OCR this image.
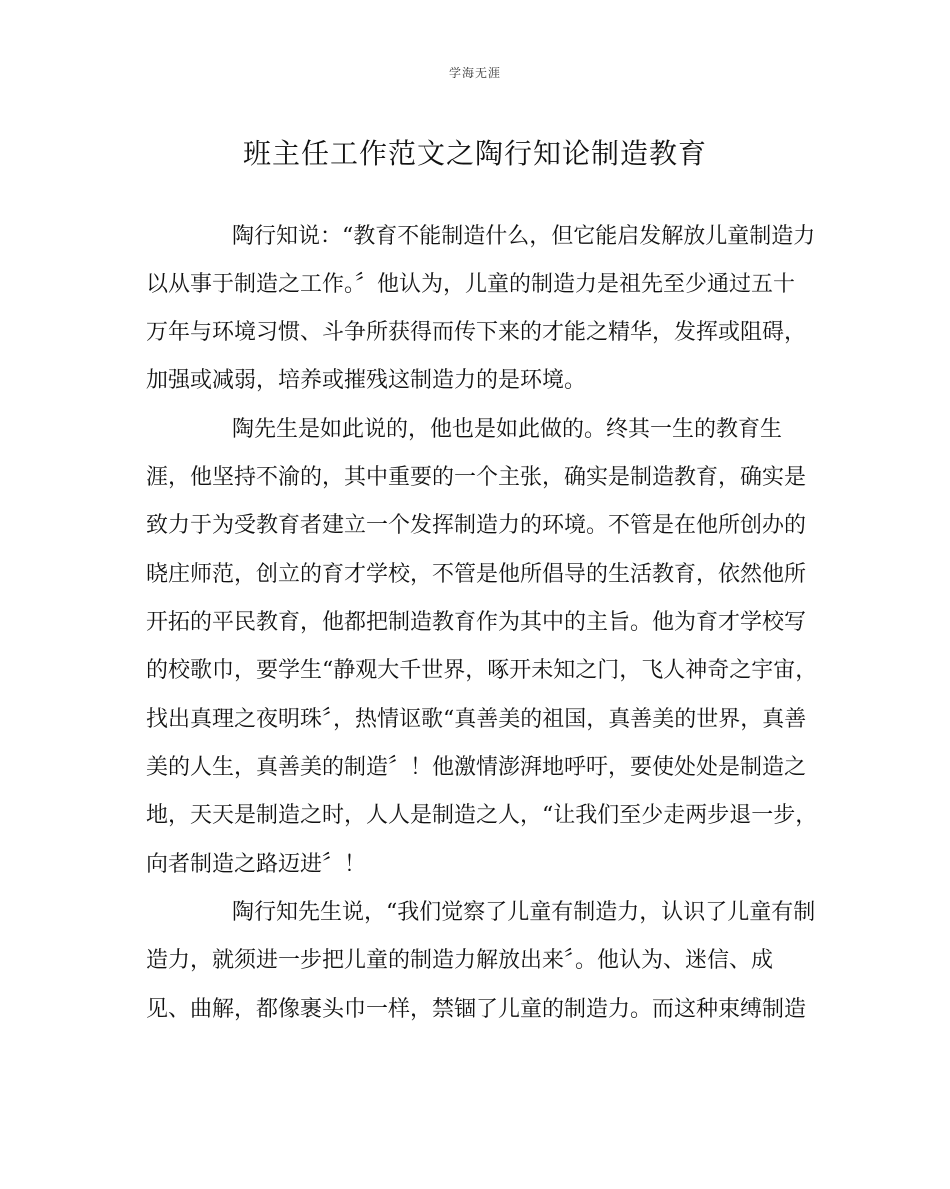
学海无涯
班主任工作范文之陶行知论制造教育
陶行知说：“教育不能制造什么，但它能启发解放儿童制造力
以从事于制造之工作。〞他认为，儿童的制造力是祖先至少通过五十
万年与环境习惯、斗争所获得而传下来的才能之精华，发挥或阻碍，
加强或减弱，培养或摧残这制造力的是环境。
陶先生是如此说的，他也是如此做的。终其一生的教育生
涯，他坚持不渝的，其中重要的一个主张，确实是制造教育，确实是
致力于为受教育者建立一个发挥制造力的环境。不管是在他所创办的
晓庄师范，创立的育才学校，不管是他所倡导的生活教育，依然他所
开拓的平民教育，他都把制造教育作为其中的主旨。他为育才学校写
的校歌巾，要学生“静观大千世界，啄开未知之门，飞人神奇之宇宙，
找出真理之夜明珠〞，热情讴歌“真善美的祖国，真善美的世界，真善
美的人生，真善美的制造〞！他激情澎湃地呼吁，要使处处是制造之
地，天天是制造之时，人人是制造之人，“让我们至少走两步退一步，
向者制造之路迈进〞！
陶行知先生说，“我们觉察了儿童有制造力，认识了儿童有制
造力，就须进一步把儿童的制造力解放出来〞。他认为、迷信、成
见、曲解，都像裹头巾一样，禁锢了儿童的制造力。而这种束缚制造
